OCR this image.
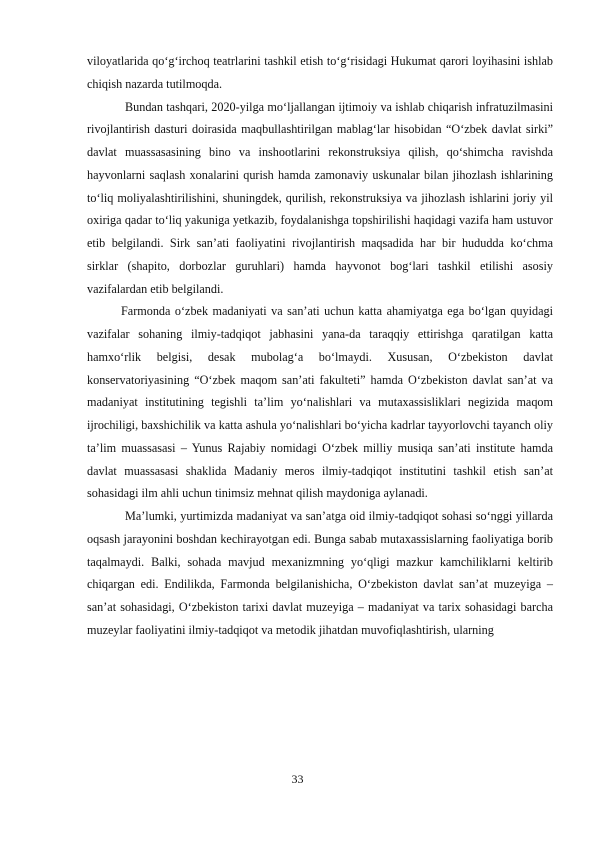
viloyatlarida qo‘g‘irchoq teatrlarini tashkil etish to‘g‘risidagi Hukumat qarori loyihasini ishlab chiqish nazarda tutilmoqda.

Bundan tashqari, 2020-yilga mo‘ljallangan ijtimoiy va ishlab chiqarish infratuzilmasini rivojlantirish dasturi doirasida maqbullashtirilgan mablag‘lar hisobidan “O‘zbek davlat sirki” davlat muassasasining bino va inshootlarini rekonstruksiya qilish, qo‘shimcha ravishda hayvonlarni saqlash xonalarini qurish hamda zamonaviy uskunalar bilan jihozlash ishlarining to‘liq moliyalashtirilishini, shuningdek, qurilish, rekonstruksiya va jihozlash ishlarini joriy yil oxiriga qadar to‘liq yakuniga yetkazib, foydalanishga topshirilishi haqidagi vazifa ham ustuvor etib belgilandi. Sirk san’ati faoliyatini rivojlantirish maqsadida har bir hududda ko‘chma sirklar (shapito, dorbozlar guruhlari) hamda hayvonot bog‘lari tashkil etilishi asosiy vazifalardan etib belgilandi.

Farmonda o‘zbek madaniyati va san’ati uchun katta ahamiyatga ega bo‘lgan quyidagi vazifalar sohaning ilmiy-tadqiqot jabhasini yana-da taraqqiy ettirishga qaratilgan katta hamxo‘rlik belgisi, desak mubolag‘a bo‘lmaydi. Xususan, O‘zbekiston davlat konservatoriyasining “O‘zbek maqom san’ati fakulteti” hamda O‘zbekiston davlat san’at va madaniyat institutining tegishli ta’lim yo‘nalishlari va mutaxassisliklari negizida maqom ijrochiligi, baxshichilik va katta ashula yo‘nalishlari bo‘yicha kadrlar tayyorlovchi tayanch oliy ta’lim muassasasi – Yunus Rajabiy nomidagi O‘zbek milliy musiqa san’ati institute hamda davlat muassasasi shaklida Madaniy meros ilmiy-tadqiqot institutini tashkil etish san’at sohasidagi ilm ahli uchun tinimsiz mehnat qilish maydoniga aylanadi.

Ma’lumki, yurtimizda madaniyat va san’atga oid ilmiy-tadqiqot sohasi so‘nggi yillarda oqsash jarayonini boshdan kechirayotgan edi. Bunga sabab mutaxassislarning faoliyatiga borib taqalmaydi. Balki, sohada mavjud mexanizmning yo‘qligi mazkur kamchiliklarni keltirib chiqargan edi. Endilikda, Farmonda belgilanishicha, O‘zbekiston davlat san’at muzeyiga – san’at sohasidagi, O‘zbekiston tarixi davlat muzeyiga – madaniyat va tarix sohasidagi barcha muzeylar faoliyatini ilmiy-tadqiqot va metodik jihatdan muvofiqlashtirish, ularning

33
